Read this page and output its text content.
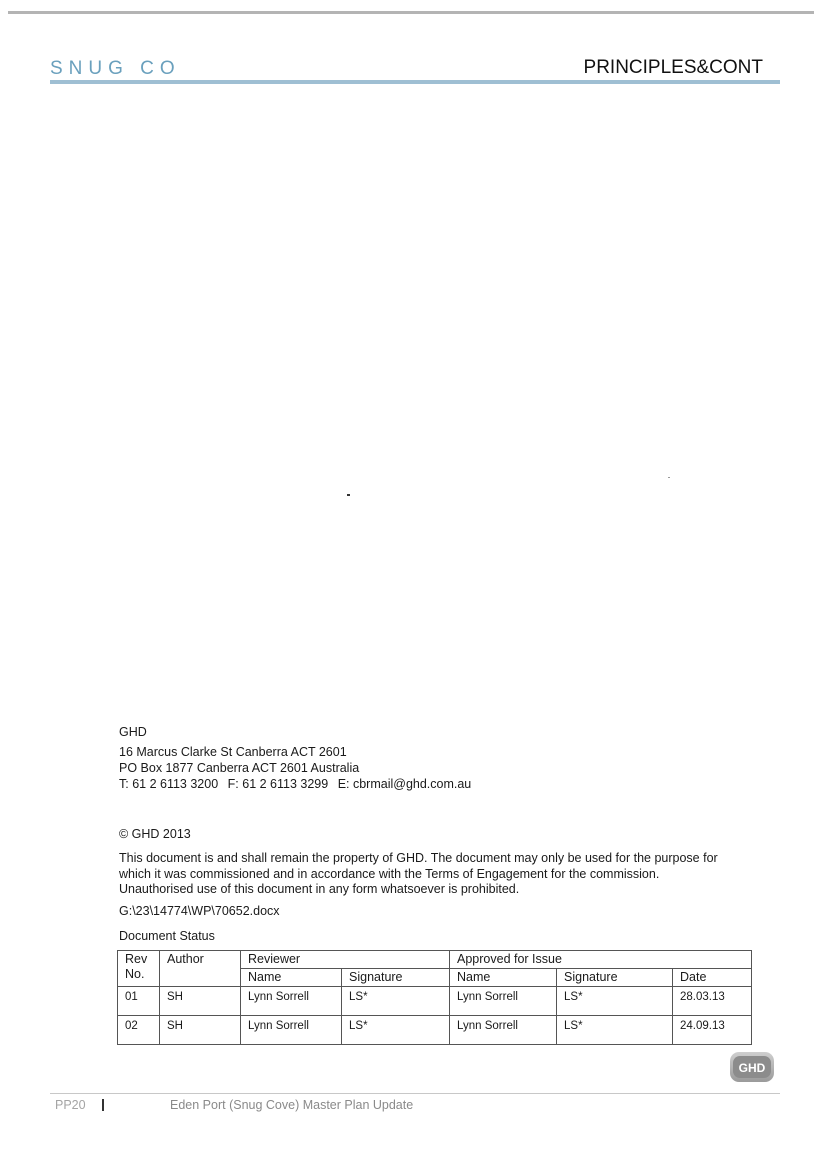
SNUG CO	PRINCIPLES&CONT
GHD
16 Marcus Clarke St Canberra ACT 2601
PO Box 1877 Canberra ACT 2601 Australia
T: 61 2 6113 3200 F: 61 2 6113 3299 E: cbrmail@ghd.com.au
© GHD 2013
This document is and shall remain the property of GHD. The document may only be used for the purpose for which it was commissioned and in accordance with the Terms of Engagement for the commission. Unauthorised use of this document in any form whatsoever is prohibited.
G:\23\14774\WP\70652.docx
Document Status
Rev No.	Author	Reviewer		Approved for Issue		
		Name	Signature	Name	Signature	Date
01	SH	Lynn Sorrell	LS*	Lynn Sorrell	LS*	28.03.13
02	SH	Lynn Sorrell	LS*	Lynn Sorrell	LS*	24.09.13
GHD
PP20	Eden Port (Snug Cove) Master Plan Update
